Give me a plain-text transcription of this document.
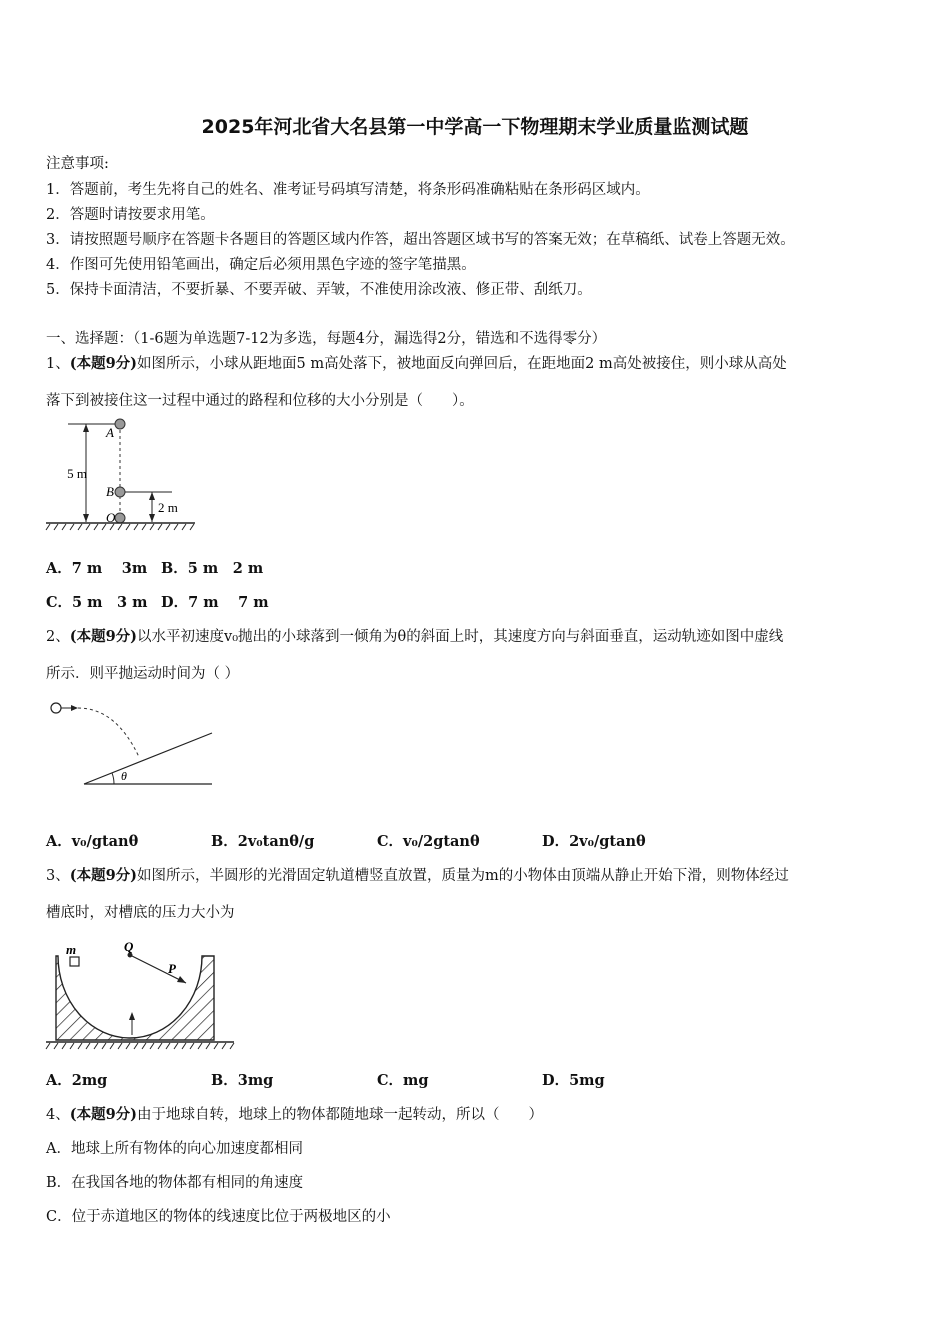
2025年河北省大名县第一中学高一下物理期末学业质量监测试题
注意事项:
1．答题前，考生先将自己的姓名、准考证号码填写清楚，将条形码准确粘贴在条形码区域内。
2．答题时请按要求用笔。
3．请按照题号顺序在答题卡各题目的答题区域内作答，超出答题区域书写的答案无效；在草稿纸、试卷上答题无效。
4．作图可先使用铅笔画出，确定后必须用黑色字迹的签字笔描黑。
5．保持卡面清洁，不要折暴、不要弄破、弄皱，不准使用涂改液、修正带、刮纸刀。
一、选择题：（1-6题为单选题7-12为多选，每题4分，漏选得2分，错选和不选得零分）
1、(本题9分)如图所示，小球从距地面5 m高处落下，被地面反向弹回后，在距地面2 m高处被接住，则小球从高处
落下到被接住这一过程中通过的路程和位移的大小分别是（　　）。
A
B
O
5 m
2 m
A．7 m　 3m B．5 m　2 m
C．5 m　3 m D．7 m　 7 m
2、(本题9分)以水平初速度v₀抛出的小球落到一倾角为θ的斜面上时，其速度方向与斜面垂直，运动轨迹如图中虚线
所示．则平抛运动时间为（ ）
θ
A．v₀/gtanθ	B．2v₀tanθ/g	C．v₀/2gtanθ	D．2v₀/gtanθ
3、(本题9分)如图所示，半圆形的光滑固定轨道槽竖直放置，质量为m的小物体由顶端从静止开始下滑，则物体经过
槽底时，对槽底的压力大小为
m	Q
P
A．2mg	B．3mg	C．mg	D．5mg
4、(本题9分)由于地球自转，地球上的物体都随地球一起转动，所以（　　）
A．地球上所有物体的向心加速度都相同
B．在我国各地的物体都有相同的角速度
C．位于赤道地区的物体的线速度比位于两极地区的小
